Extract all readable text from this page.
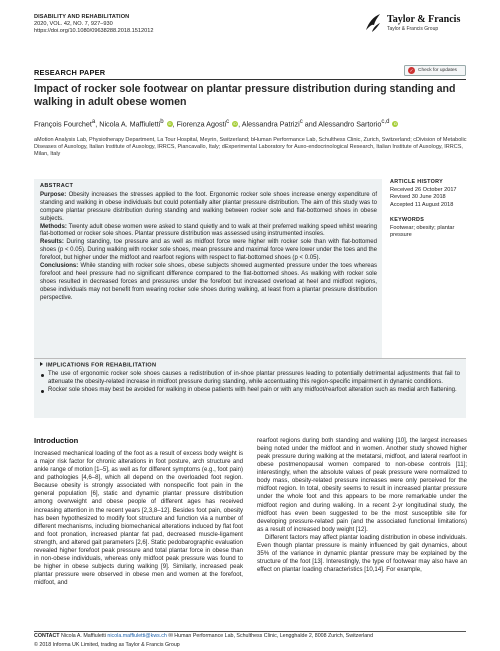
DISABILITY AND REHABILITATION
2020, VOL. 42, NO. 7, 927–930
https://doi.org/10.1080/09638288.2018.1512012
Taylor & Francis
Taylor & Francis Group
RESEARCH PAPER	✓ Check for updates
Impact of rocker sole footwear on plantar pressure distribution during standing and walking in adult obese women
François Fourchet$^a$, Nicola A. Maffiuletti$^b$ iD, Fiorenza Agosti$^c$ iD, Alessandra Patrizi$^c$ and Alessandro Sartorio$^{c,d}$ iD
aMotion Analysis Lab, Physiotherapy Department, La Tour Hospital, Meyrin, Switzerland; bHuman Performance Lab, Schulthess Clinic, Zurich, Switzerland; cDivision of Metabolic Diseases of Auxology, Italian Institute of Auxology, IRRCS, Piancavallo, Italy; dExperimental Laboratory for Auxo-endocrinological Research, Italian Institute of Auxology, IRRCS, Milan, Italy
ABSTRACT
Purpose: Obesity increases the stresses applied to the foot. Ergonomic rocker sole shoes increase energy expenditure of standing and walking in obese individuals but could potentially alter plantar pressure distribution. The aim of this study was to compare plantar pressure distribution during standing and walking between rocker sole and flat-bottomed shoes in obese subjects.
Methods: Twenty adult obese women were asked to stand quietly and to walk at their preferred walking speed whilst wearing flat-bottomed or rocker sole shoes. Plantar pressure distribution was assessed using instrumented insoles.
Results: During standing, toe pressure and as well as midfoot force were higher with rocker sole than with flat-bottomed shoes (p < 0.05). During walking with rocker sole shoes, mean pressure and maximal force were lower under the toes and the forefoot, but higher under the midfoot and rearfoot regions with respect to flat-bottomed shoes (p < 0.05).
Conclusions: While standing with rocker sole shoes, obese subjects showed augmented pressure under the toes whereas forefoot and heel pressure had no significant difference compared to the flat-bottomed shoes. As walking with rocker sole shoes resulted in decreased forces and pressures under the forefoot but increased overload at heel and midfoot regions, obese individuals may not benefit from wearing rocker sole shoes during walking, at least from a plantar pressure distribution perspective.
IMPLICATIONS FOR REHABILITATION
The use of ergonomic rocker sole shoes causes a redistribution of in-shoe plantar pressures leading to potentially detrimental adjustments that fail to attenuate the obesity-related increase in midfoot pressure during standing, while accentuating this region-specific impairment in dynamic conditions.
Rocker sole shoes may best be avoided for walking in obese patients with heel pain or with any midfoot/rearfoot alteration such as medial arch flattening.
ARTICLE HISTORY
Received 26 October 2017
Revised 30 June 2018
Accepted 11 August 2018
KEYWORDS
Footwear; obesity; plantar pressure
Introduction

Increased mechanical loading of the foot as a result of excess body weight is a major risk factor for chronic alterations in foot posture, arch structure and ankle range of motion [1–5], as well as for different symptoms (e.g., foot pain) and pathologies [4,6–8], which all depend on the overloaded foot region. Because obesity is strongly associated with nonspecific foot pain in the general population [6], static and dynamic plantar pressure distribution among overweight and obese people of different ages has received increasing attention in the recent years [2,3,8–12]. Besides foot pain, obesity has been hypothesized to modify foot structure and function via a number of different mechanisms, including biomechanical alterations induced by flat foot and foot pronation, increased plantar fat pad, decreased muscle-ligament strength, and altered gait parameters [2,6]. Static pedobarographic evaluation revealed higher forefoot peak pressure and total plantar force in obese than in non-obese individuals, whereas only midfoot peak pressure was found to be higher in obese subjects during walking [9]. Similarly, increased peak plantar pressure were observed in obese men and women at the forefoot, midfoot, and

rearfoot regions during both standing and walking [10], the largest increases being noted under the midfoot and in women. Another study showed higher peak pressure during walking at the metatarsi, midfoot, and lateral rearfoot in obese postmenopausal women compared to non-obese controls [11]; interestingly, when the absolute values of peak pressure were normalized to body mass, obesity-related pressure increases were only perceived for the midfoot region. In total, obesity seems to result in increased plantar pressure under the whole foot and this appears to be more remarkable under the midfoot region and during walking. In a recent 2-yr longitudinal study, the midfoot has even been suggested to be the most susceptible site for developing pressure-related pain (and the associated functional limitations) as a result of increased body weight [12].

Different factors may affect plantar loading distribution in obese individuals. Even though plantar pressure is mainly influenced by gait dynamics, about 35% of the variance in dynamic plantar pressure may be explained by the structure of the foot [13]. Interestingly, the type of footwear may also have an effect on plantar loading characteristics [10,14]. For example,

CONTACT Nicola A. Maffiuletti nicola.maffiuletti@kws.ch ✉ Human Performance Lab, Schulthess Clinic, Lengghalde 2, 8008 Zurich, Switzerland
© 2018 Informa UK Limited, trading as Taylor & Francis Group
